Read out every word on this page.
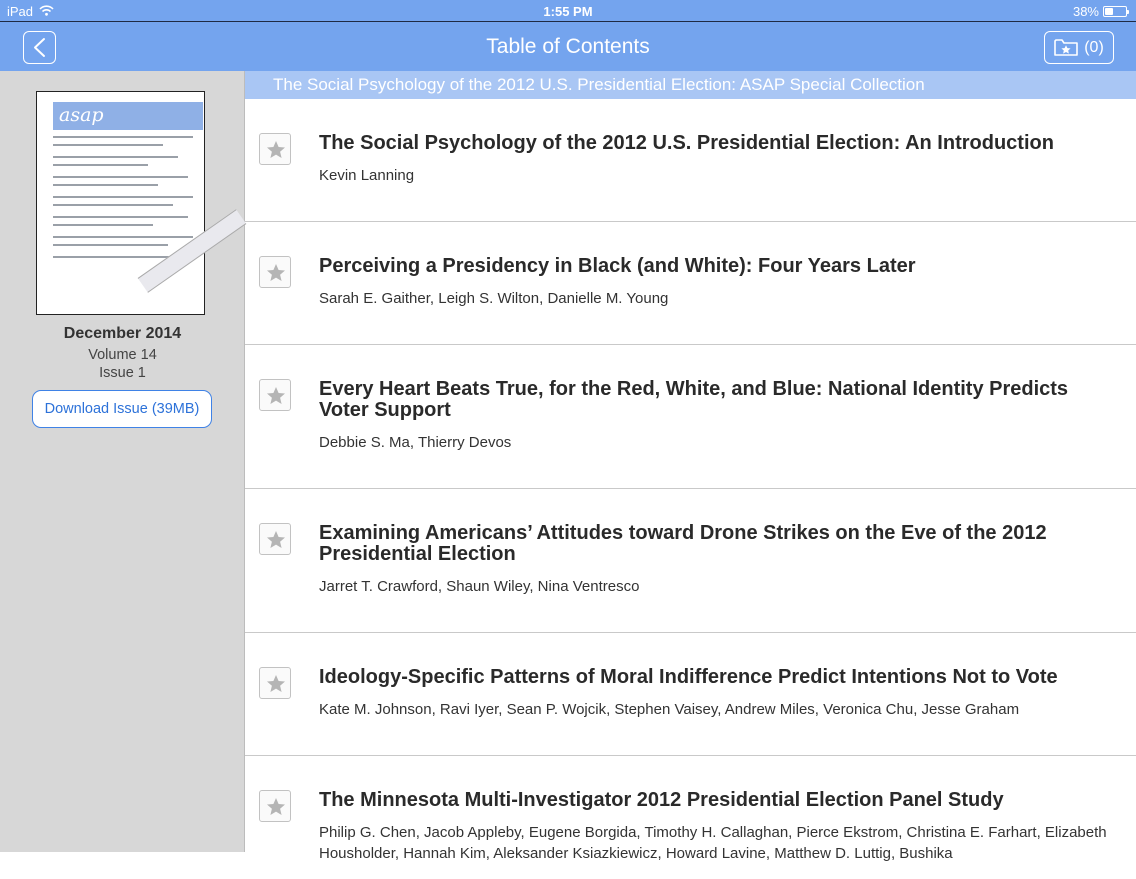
iPad	1:55 PM	38%
Table of Contents	(0)
asap
December 2014
Volume 14
Issue 1
Download Issue (39MB)
The Social Psychology of the 2012 U.S. Presidential Election: ASAP Special Collection
The Social Psychology of the 2012 U.S. Presidential Election: An Introduction
Kevin Lanning
Perceiving a Presidency in Black (and White): Four Years Later
Sarah E. Gaither, Leigh S. Wilton, Danielle M. Young
Every Heart Beats True, for the Red, White, and Blue: National Identity Predicts Voter Support
Debbie S. Ma, Thierry Devos
Examining Americans’ Attitudes toward Drone Strikes on the Eve of the 2012 Presidential Election
Jarret T. Crawford, Shaun Wiley, Nina Ventresco
Ideology-Specific Patterns of Moral Indifference Predict Intentions Not to Vote
Kate M. Johnson, Ravi Iyer, Sean P. Wojcik, Stephen Vaisey, Andrew Miles, Veronica Chu, Jesse Graham
The Minnesota Multi-Investigator 2012 Presidential Election Panel Study
Philip G. Chen, Jacob Appleby, Eugene Borgida, Timothy H. Callaghan, Pierce Ekstrom, Christina E. Farhart, Elizabeth Housholder, Hannah Kim, Aleksander Ksiazkiewicz, Howard Lavine, Matthew D. Luttig, Bushika
